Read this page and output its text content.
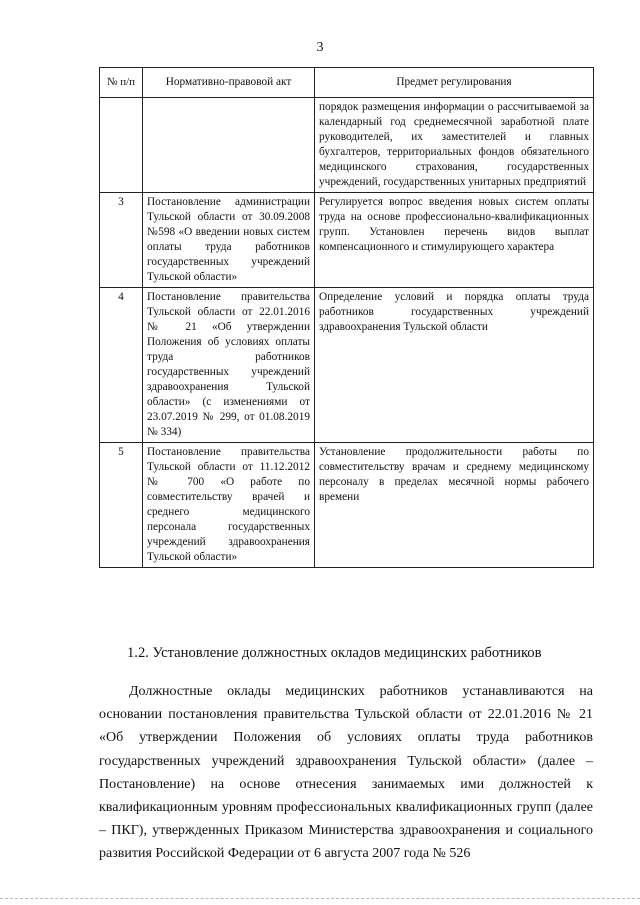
3
№ п/п	Нормативно-правовой акт	Предмет регулирования
		порядок размещения информации о рассчитываемой за календарный год среднемесячной заработной плате руководителей, их заместителей и главных бухгалтеров, территориальных фондов обязательного медицинского страхования, государственных учреждений, государственных унитарных предприятий
3	Постановление администрации Тульской области от 30.09.2008 №598 «О введении новых систем оплаты труда работников государственных учреждений Тульской области»	Регулируется вопрос введения новых систем оплаты труда на основе профессионально-квалификационных групп. Установлен перечень видов выплат компенсационного и стимулирующего характера
4	Постановление правительства Тульской области от 22.01.2016 № 21 «Об утверждении Положения об условиях оплаты труда работников государственных учреждений здравоохранения Тульской области» (с изменениями от 23.07.2019 № 299, от 01.08.2019 № 334)	Определение условий и порядка оплаты труда работников государственных учреждений здравоохранения Тульской области
5	Постановление правительства Тульской области от 11.12.2012 № 700 «О работе по совместительству врачей и среднего медицинского персонала государственных учреждений здравоохранения Тульской области»	Установление продолжительности работы по совместительству врачам и среднему медицинскому персоналу в пределах месячной нормы рабочего времени
1.2. Установление должностных окладов медицинских работников
Должностные оклады медицинских работников устанавливаются на основании постановления правительства Тульской области от 22.01.2016 № 21 «Об утверждении Положения об условиях оплаты труда работников государственных учреждений здравоохранения Тульской области» (далее – Постановление) на основе отнесения занимаемых ими должностей к квалификационным уровням профессиональных квалификационных групп (далее – ПКГ), утвержденных Приказом Министерства здравоохранения и социального развития Российской Федерации от 6 августа 2007 года № 526
